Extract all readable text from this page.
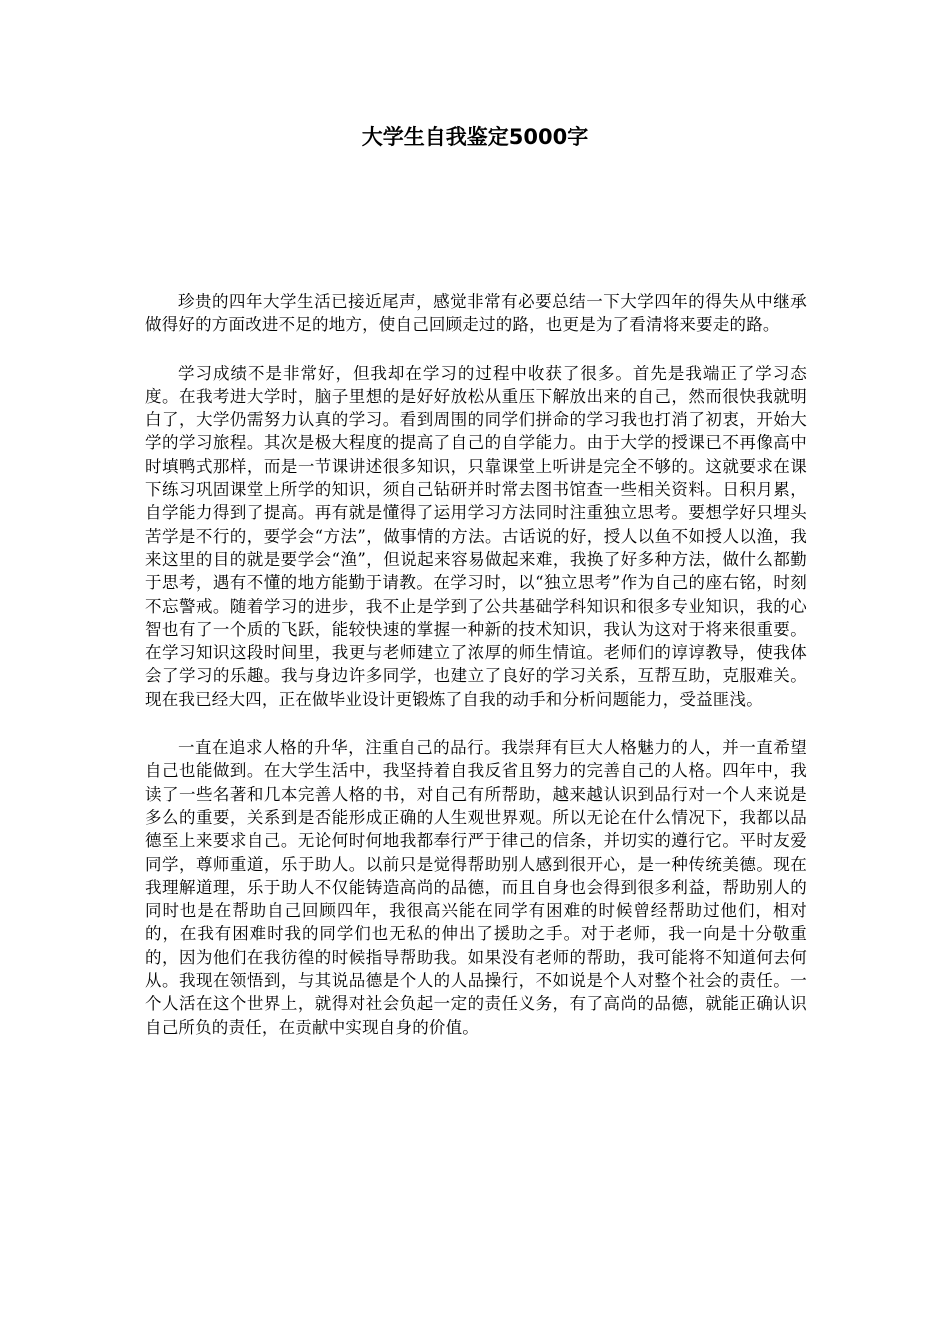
大学生自我鉴定5000字

珍贵的四年大学生活已接近尾声，感觉非常有必要总结一下大学四年的得失从中继承做得好的方面改进不足的地方，使自己回顾走过的路，也更是为了看清将来要走的路。

学习成绩不是非常好，但我却在学习的过程中收获了很多。首先是我端正了学习态度。在我考进大学时，脑子里想的是好好放松从重压下解放出来的自己，然而很快我就明白了，大学仍需努力认真的学习。看到周围的同学们拼命的学习我也打消了初衷，开始大学的学习旅程。其次是极大程度的提高了自己的自学能力。由于大学的授课已不再像高中时填鸭式那样，而是一节课讲述很多知识，只靠课堂上听讲是完全不够的。这就要求在课下练习巩固课堂上所学的知识，须自己钻研并时常去图书馆查一些相关资料。日积月累，自学能力得到了提高。再有就是懂得了运用学习方法同时注重独立思考。要想学好只埋头苦学是不行的，要学会“方法”，做事情的方法。古话说的好，授人以鱼不如授人以渔，我来这里的目的就是要学会“渔”，但说起来容易做起来难，我换了好多种方法，做什么都勤于思考，遇有不懂的地方能勤于请教。在学习时，以“独立思考”作为自己的座右铭，时刻不忘警戒。随着学习的进步，我不止是学到了公共基础学科知识和很多专业知识，我的心智也有了一个质的飞跃，能较快速的掌握一种新的技术知识，我认为这对于将来很重要。在学习知识这段时间里，我更与老师建立了浓厚的师生情谊。老师们的谆谆教导，使我体会了学习的乐趣。我与身边许多同学，也建立了良好的学习关系，互帮互助，克服难关。现在我已经大四，正在做毕业设计更锻炼了自我的动手和分析问题能力，受益匪浅。

一直在追求人格的升华，注重自己的品行。我崇拜有巨大人格魅力的人，并一直希望自己也能做到。在大学生活中，我坚持着自我反省且努力的完善自己的人格。四年中，我读了一些名著和几本完善人格的书，对自己有所帮助，越来越认识到品行对一个人来说是多么的重要，关系到是否能形成正确的人生观世界观。所以无论在什么情况下，我都以品德至上来要求自己。无论何时何地我都奉行严于律己的信条，并切实的遵行它。平时友爱同学，尊师重道，乐于助人。以前只是觉得帮助别人感到很开心，是一种传统美德。现在我理解道理，乐于助人不仅能铸造高尚的品德，而且自身也会得到很多利益，帮助别人的同时也是在帮助自己回顾四年，我很高兴能在同学有困难的时候曾经帮助过他们，相对的，在我有困难时我的同学们也无私的伸出了援助之手。对于老师，我一向是十分敬重的，因为他们在我彷徨的时候指导帮助我。如果没有老师的帮助，我可能将不知道何去何从。我现在领悟到，与其说品德是个人的人品操行，不如说是个人对整个社会的责任。一个人活在这个世界上，就得对社会负起一定的责任义务，有了高尚的品德，就能正确认识自己所负的责任，在贡献中实现自身的价值。
